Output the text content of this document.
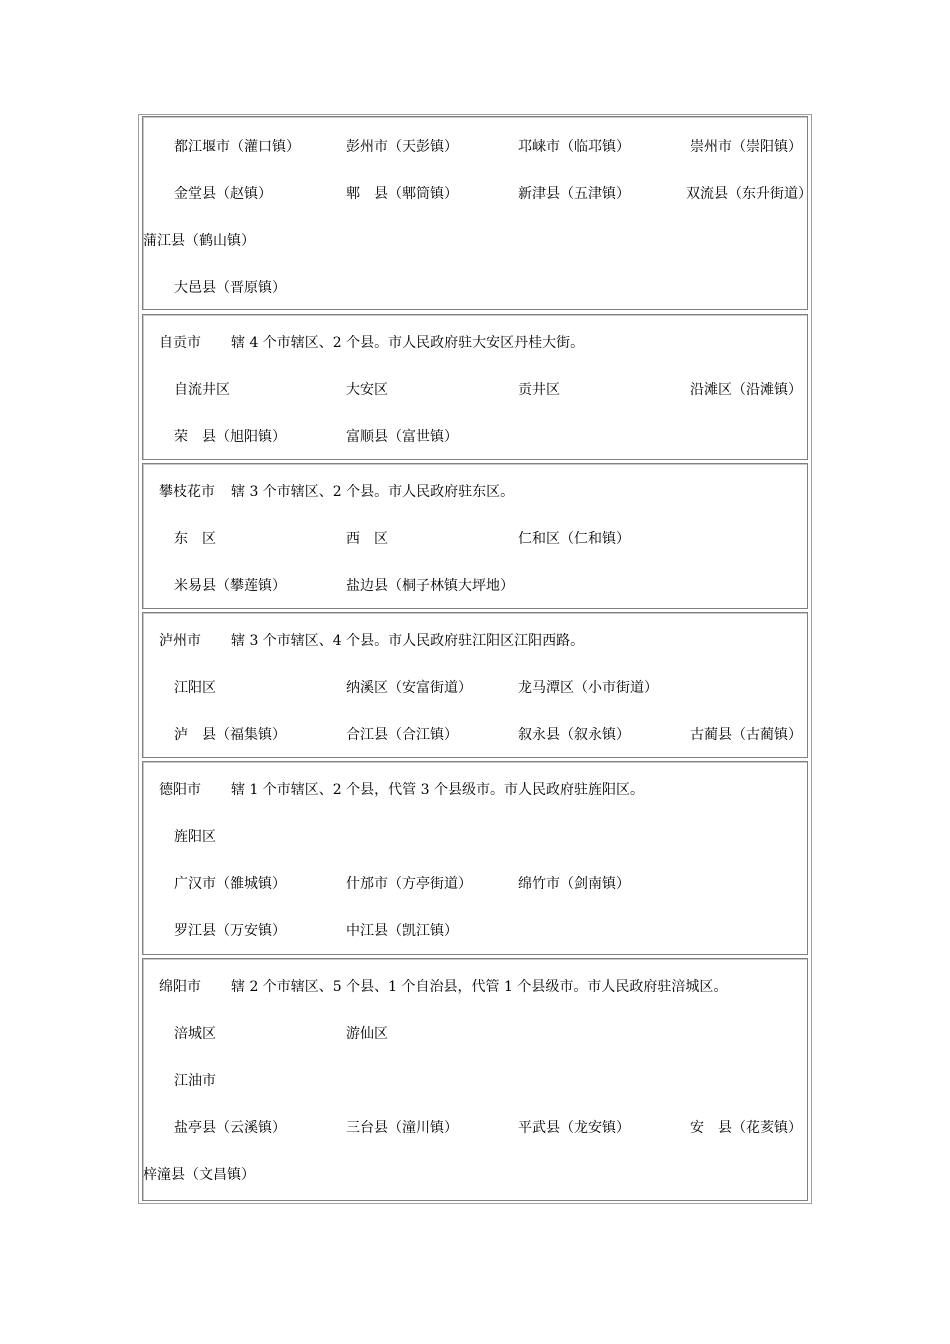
都江堰市（灌口镇）	彭州市（天彭镇）	邛崃市（临邛镇）	崇州市（崇阳镇）
金堂县（赵镇）	郫　县（郫筒镇）	新津县（五津镇）	双流县（东升街道）
蒲江县（鹤山镇）
大邑县（晋原镇）
自贡市 辖 4 个市辖区、2 个县。市人民政府驻大安区丹桂大街。
自流井区	大安区	贡井区	沿滩区（沿滩镇）
荣　县（旭阳镇）	富顺县（富世镇）
攀枝花市 辖 3 个市辖区、2 个县。市人民政府驻东区。
东　区	西　区	仁和区（仁和镇）
米易县（攀莲镇）	盐边县（桐子林镇大坪地）
泸州市 辖 3 个市辖区、4 个县。市人民政府驻江阳区江阳西路。
江阳区	纳溪区（安富街道）	龙马潭区（小市街道）
泸　县（福集镇）	合江县（合江镇）	叙永县（叙永镇）	古蔺县（古蔺镇）
德阳市 辖 1 个市辖区、2 个县，代管 3 个县级市。市人民政府驻旌阳区。
旌阳区
广汉市（雒城镇）	什邡市（方亭街道）	绵竹市（剑南镇）
罗江县（万安镇）	中江县（凯江镇）
绵阳市 辖 2 个市辖区、5 个县、1 个自治县，代管 1 个县级市。市人民政府驻涪城区。
涪城区	游仙区
江油市
盐亭县（云溪镇）	三台县（潼川镇）	平武县（龙安镇）	安　县（花荄镇）
梓潼县（文昌镇）
